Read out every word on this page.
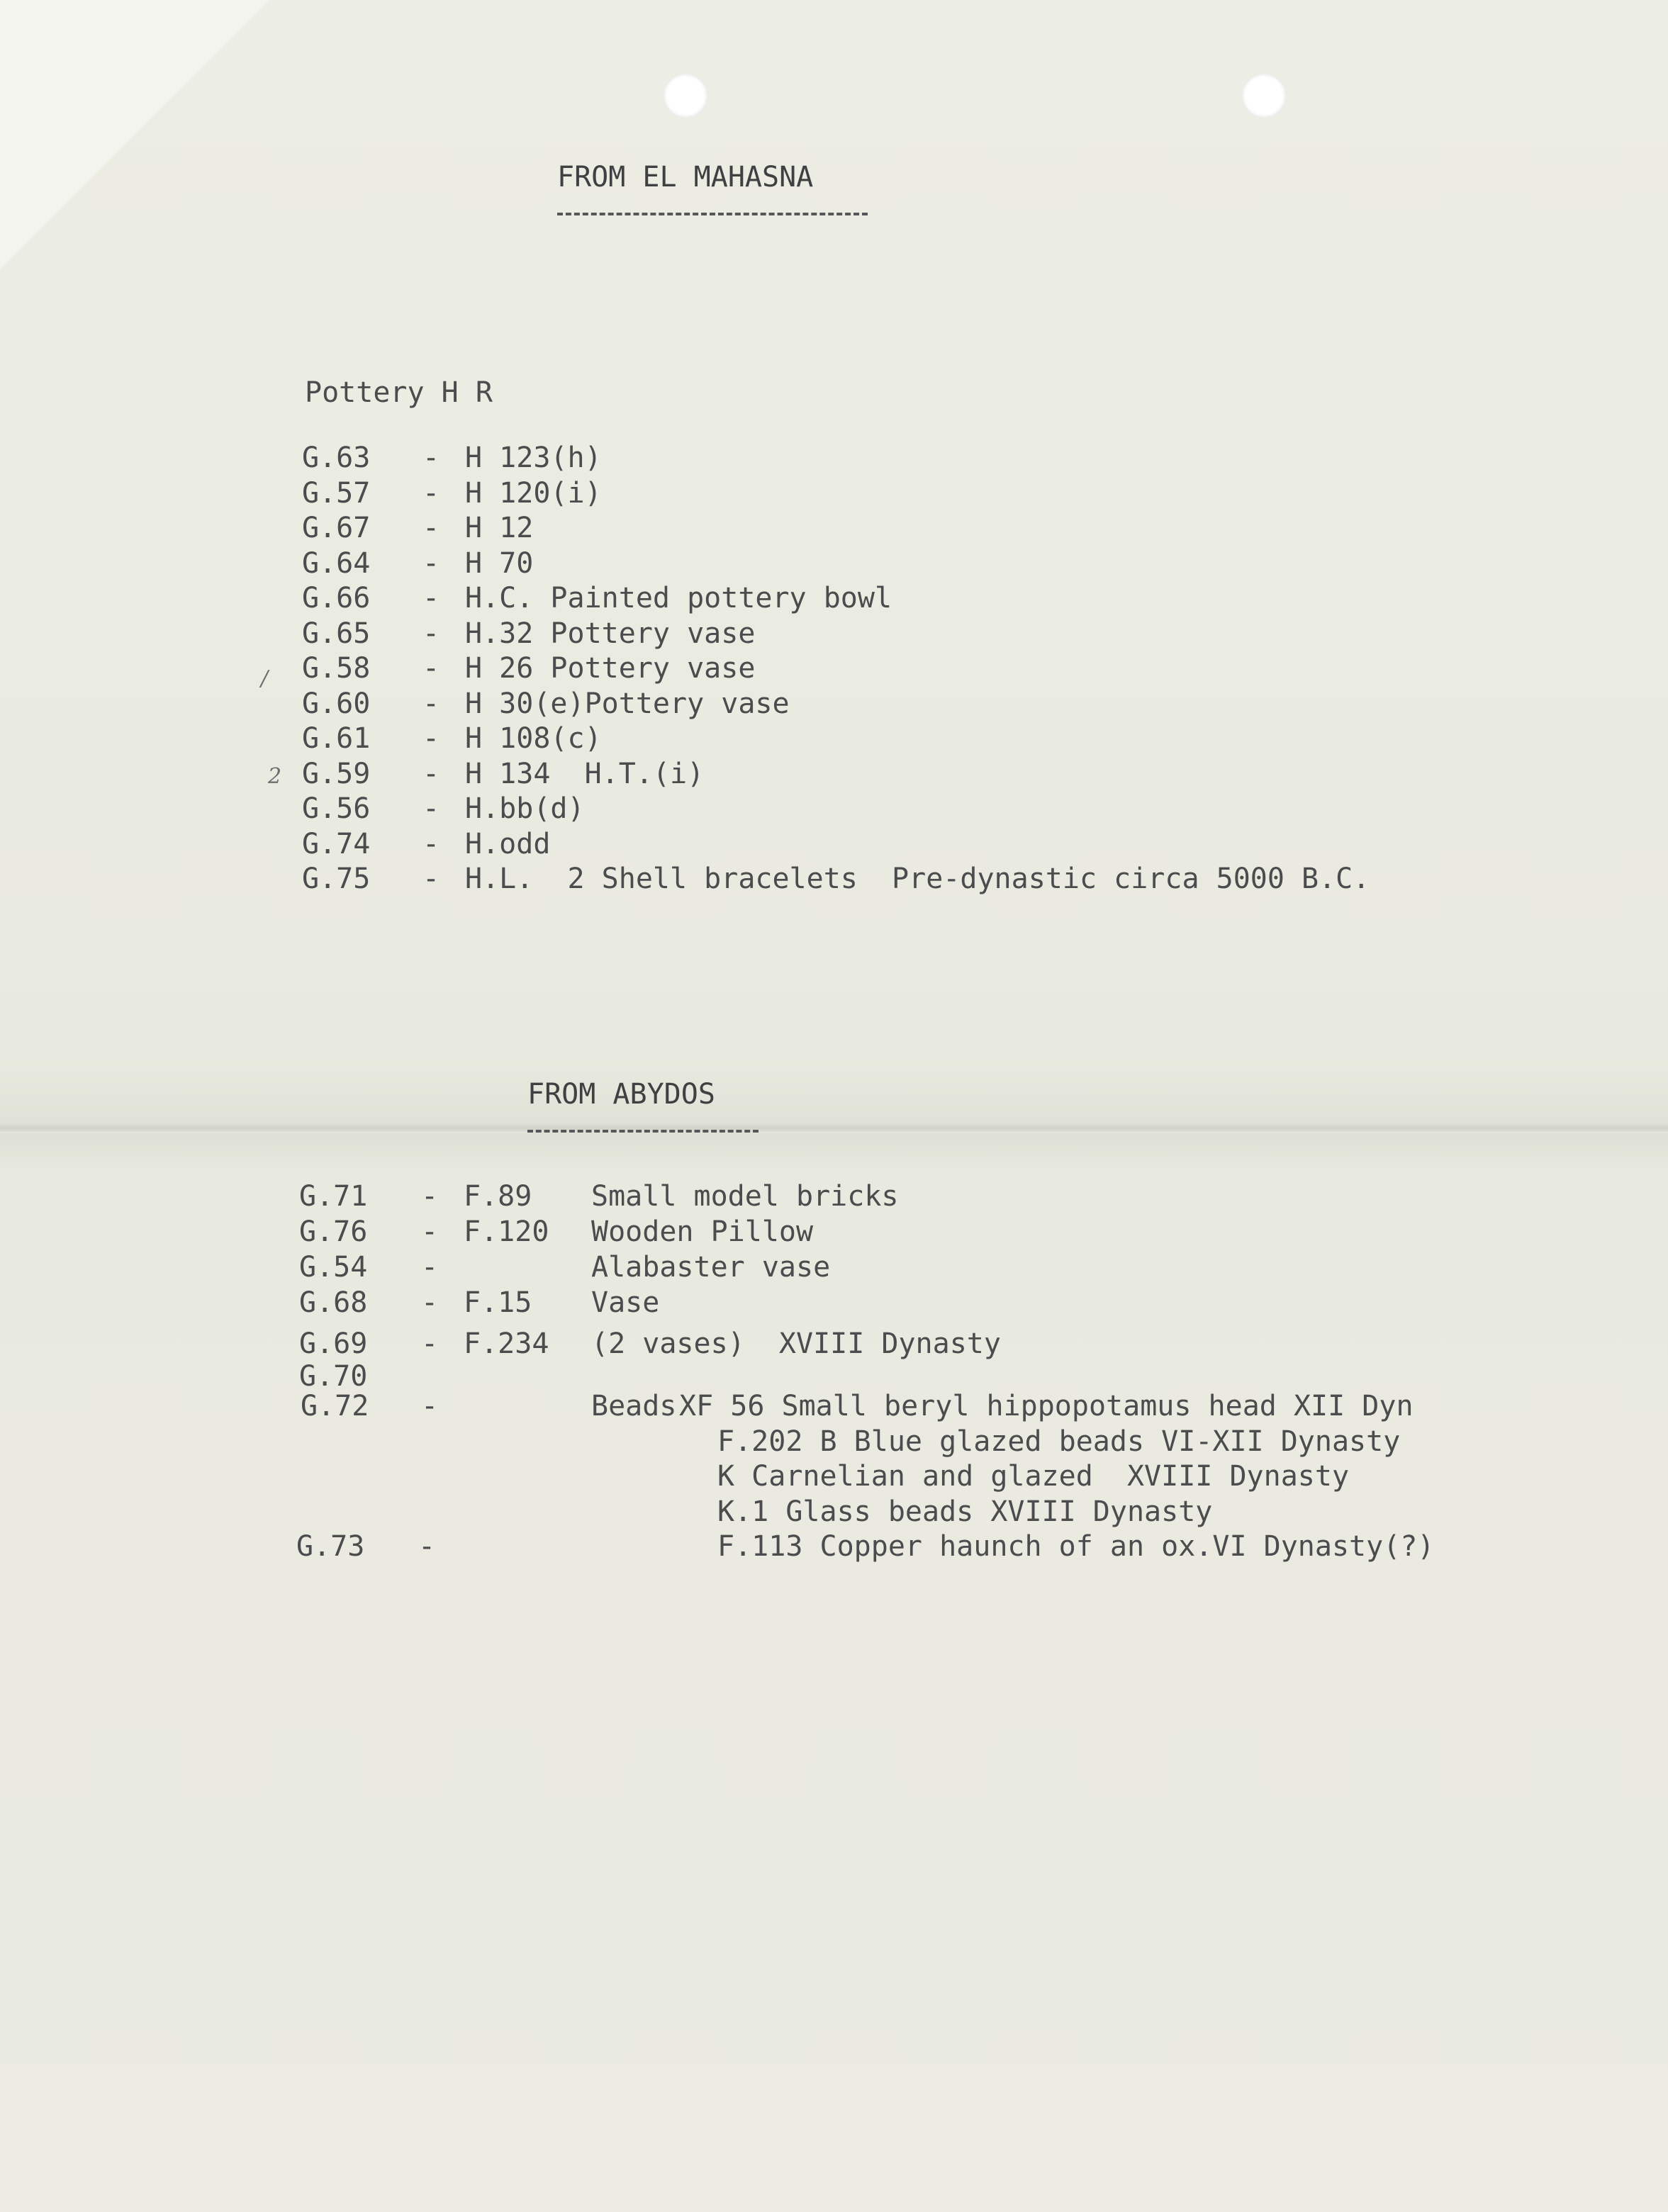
FROM EL MAHASNA
Pottery H R
G.63 - H 123(h)
G.57 - H 120(i)
G.67 - H 12
G.64 - H 70
G.66 - H.C. Painted pottery bowl
G.65 - H.32 Pottery vase
G.58 - H 26 Pottery vase
G.60 - H 30(e)Pottery vase
G.61 - H 108(c)
G.59 - H 134  H.T.(i)
G.56 - H.bb(d)
G.74 - H.odd
G.75 - H.L.  2 Shell bracelets  Pre-dynastic circa 5000 B.C.
/
2
FROM ABYDOS
G.71 - F.89 Small model bricks
G.76 - F.120 Wooden Pillow
G.54 -	Alabaster vase
G.68 - F.15 Vase
G.69 - F.234 (2 vases)  XVIII Dynasty
G.70
G.72 -	Beads XF 56 Small beryl hippopotamus head XII Dyn
F.202 B Blue glazed beads VI-XII Dynasty
K Carnelian and glazed  XVIII Dynasty
K.1 Glass beads XVIII Dynasty
F.113 Copper haunch of an ox.VI Dynasty(?)
G.73 -
